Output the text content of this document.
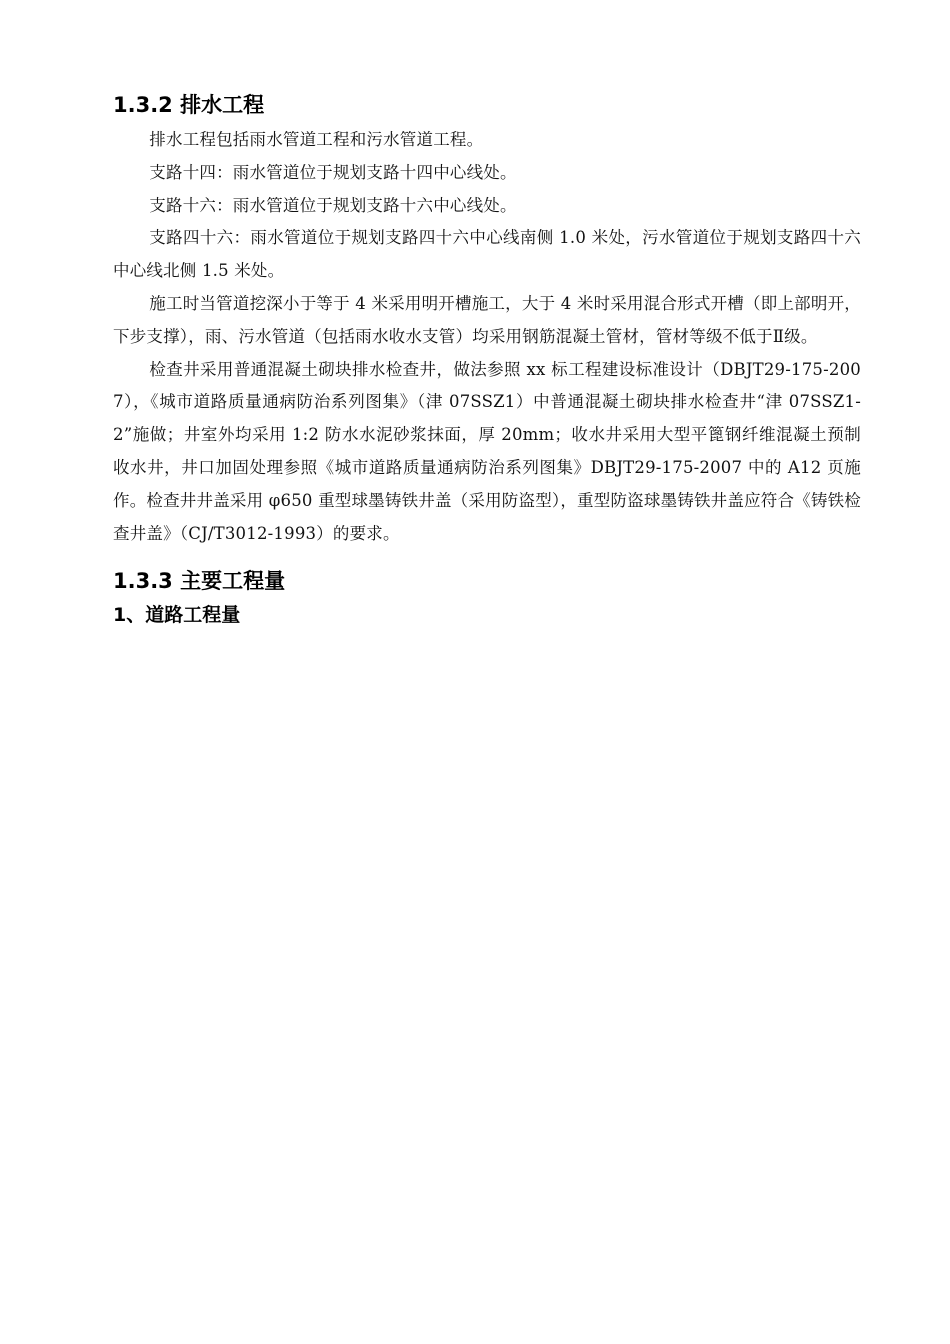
1.3.2 排水工程

排水工程包括雨水管道工程和污水管道工程。

支路十四：雨水管道位于规划支路十四中心线处。

支路十六：雨水管道位于规划支路十六中心线处。

支路四十六：雨水管道位于规划支路四十六中心线南侧 1.0 米处，污水管道位于规划支路四十六中心线北侧 1.5 米处。

施工时当管道挖深小于等于 4 米采用明开槽施工，大于 4 米时采用混合形式开槽（即上部明开，下步支撑），雨、污水管道（包括雨水收水支管）均采用钢筋混凝土管材，管材等级不低于Ⅱ级。

检查井采用普通混凝土砌块排水检查井，做法参照 xx 标工程建设标准设计（DBJT29-175-2007），《城市道路质量通病防治系列图集》（津 07SSZ1）中普通混凝土砌块排水检查井“津 07SSZ1-2”施做；井室外均采用 1:2 防水水泥砂浆抹面，厚 20mm；收水井采用大型平篦钢纤维混凝土预制收水井，井口加固处理参照《城市道路质量通病防治系列图集》DBJT29-175-2007 中的 A12 页施作。检查井井盖采用 φ650 重型球墨铸铁井盖（采用防盗型），重型防盗球墨铸铁井盖应符合《铸铁检查井盖》（CJ/T3012-1993）的要求。

1.3.3 主要工程量
1、道路工程量
